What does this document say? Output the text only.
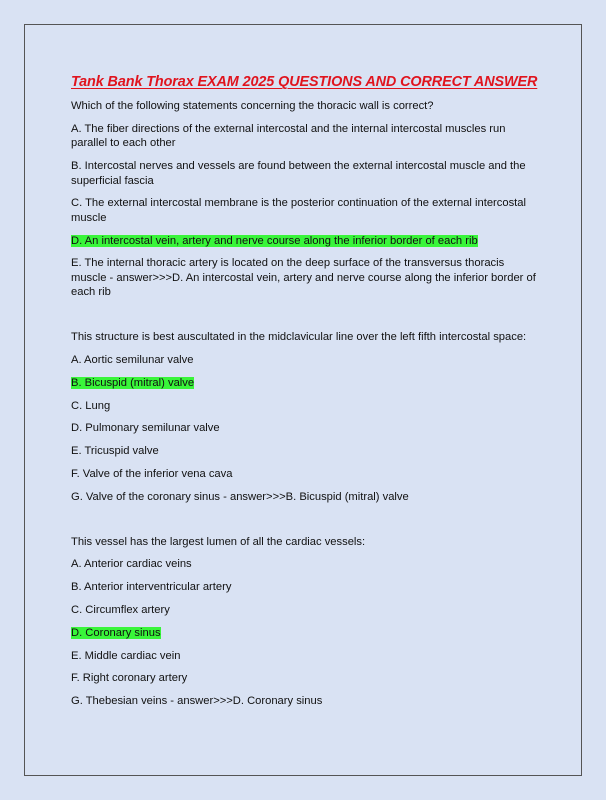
Tank Bank Thorax EXAM 2025 QUESTIONS AND CORRECT ANSWER
Which of the following statements concerning the thoracic wall is correct?
A. The fiber directions of the external intercostal and the internal intercostal muscles run parallel to each other
B. Intercostal nerves and vessels are found between the external intercostal muscle and the superficial fascia
C. The external intercostal membrane is the posterior continuation of the external intercostal muscle
D. An intercostal vein, artery and nerve course along the inferior border of each rib
E. The internal thoracic artery is located on the deep surface of the transversus thoracis muscle - answer>>>D. An intercostal vein, artery and nerve course along the inferior border of each rib
This structure is best auscultated in the midclavicular line over the left fifth intercostal space:
A. Aortic semilunar valve
B. Bicuspid (mitral) valve
C. Lung
D. Pulmonary semilunar valve
E. Tricuspid valve
F. Valve of the inferior vena cava
G. Valve of the coronary sinus - answer>>>B. Bicuspid (mitral) valve
This vessel has the largest lumen of all the cardiac vessels:
A. Anterior cardiac veins
B. Anterior interventricular artery
C. Circumflex artery
D. Coronary sinus
E. Middle cardiac vein
F. Right coronary artery
G. Thebesian veins - answer>>>D. Coronary sinus
